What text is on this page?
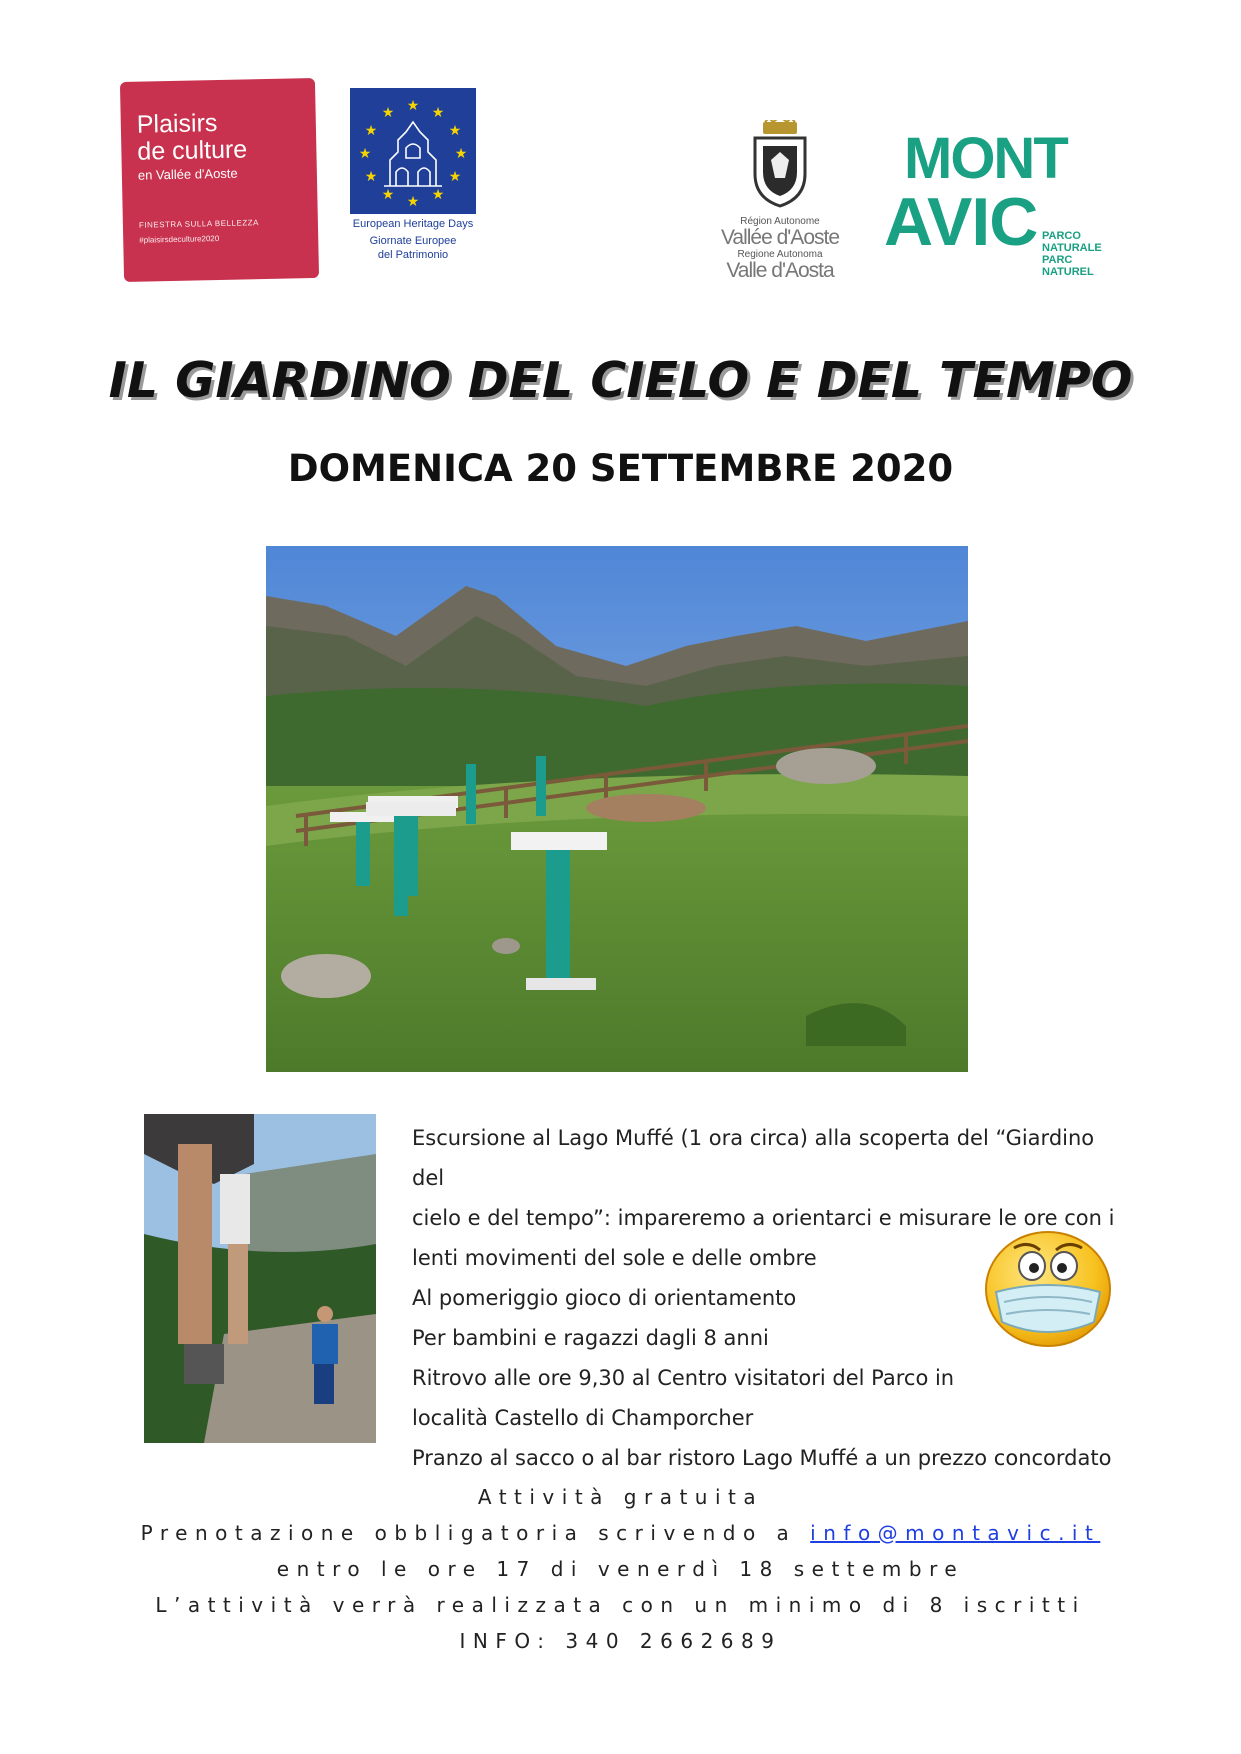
Plaisirs
de culture
en Vallée d'Aoste
FINESTRA SULLA BELLEZZA
#plaisirsdeculture2020
★ ★
★
★
★
★
★
★
★
★
★
★
European Heritage Days
Giornate Europee del Patrimonio
Région Autonome
Vallée d'Aoste
Regione Autonoma
Valle d'Aosta
MONT
AVIC PARCO
NATURALE
PARC
NATUREL
IL GIARDINO DEL CIELO E DEL TEMPO
DOMENICA 20 SETTEMBRE 2020
Escursione al Lago Muffé (1 ora circa) alla scoperta del “Giardino del
cielo e del tempo”: impareremo a orientarci e misurare le ore con i
lenti movimenti del sole e delle ombre
Al pomeriggio gioco di orientamento
Per bambini e ragazzi dagli 8 anni
Ritrovo alle ore 9,30 al Centro visitatori del Parco in
località Castello di Champorcher
Pranzo al sacco o al bar ristoro Lago Muffé a un prezzo concordato
Attività gratuita
Prenotazione obbligatoria scrivendo a info@montavic.it
entro le ore 17 di venerdì 18 settembre
L’attività verrà realizzata con un minimo di 8 iscritti
INFO: 340 2662689
